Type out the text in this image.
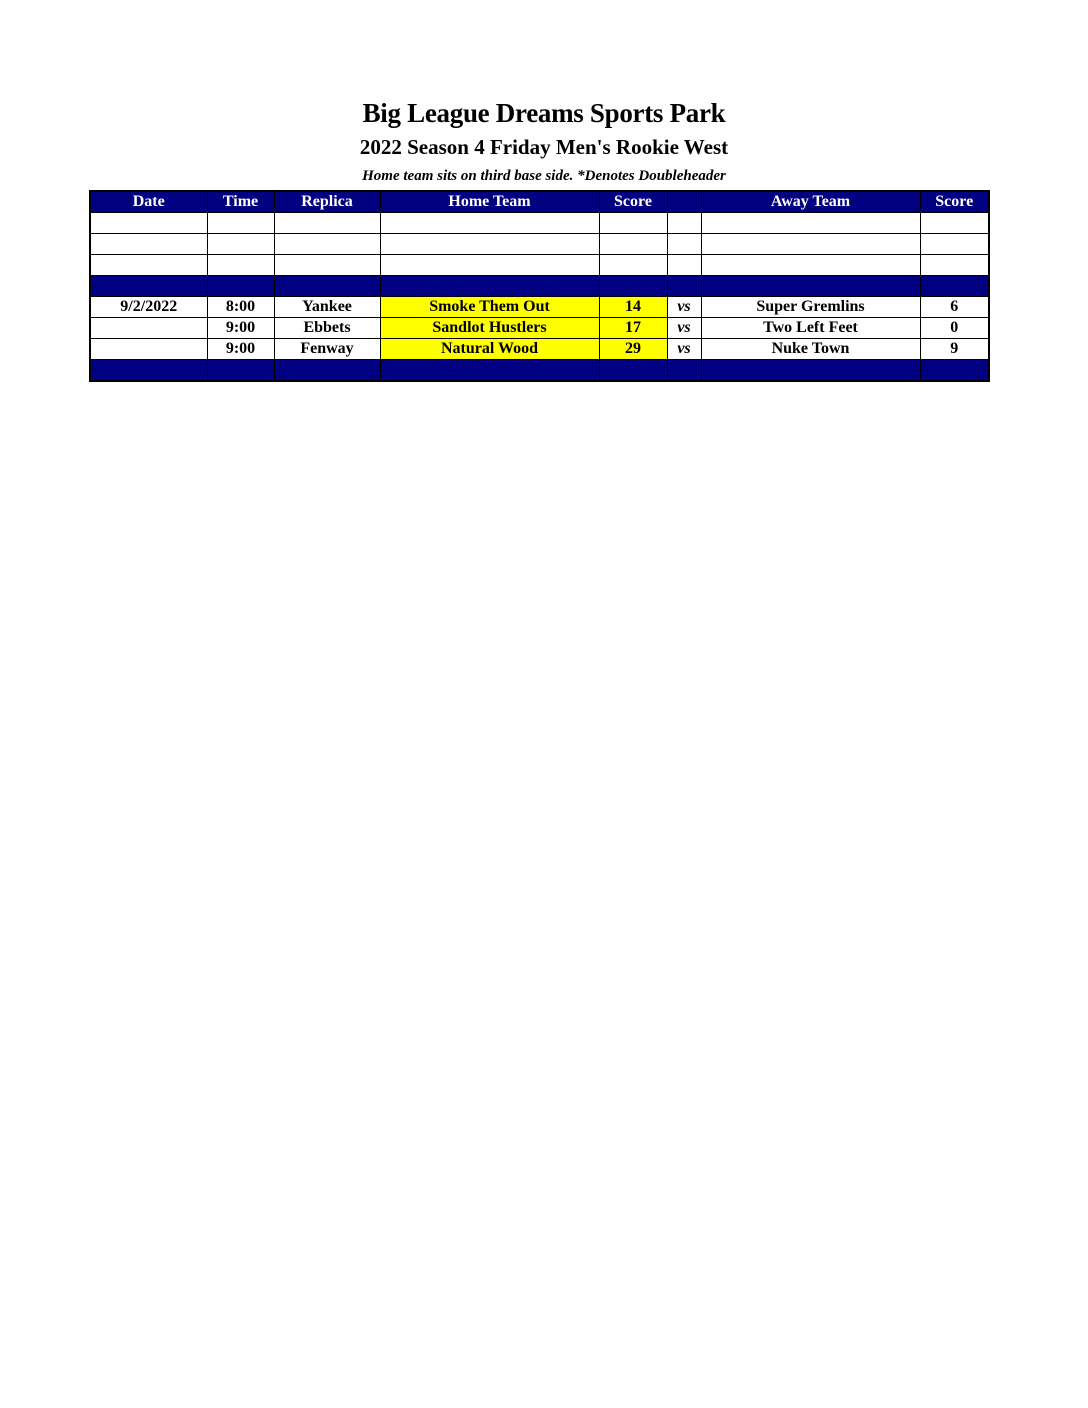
Big League Dreams Sports Park
2022 Season 4 Friday Men's Rookie West
Home team sits on third base side. *Denotes Doubleheader
Date	Time	Replica	Home Team	Score		Away Team	Score

9/2/2022	8:00	Yankee	Smoke Them Out	14	vs	Super Gremlins	6
	9:00	Ebbets	Sandlot Hustlers	17	vs	Two Left Feet	0
	9:00	Fenway	Natural Wood	29	vs	Nuke Town	9
